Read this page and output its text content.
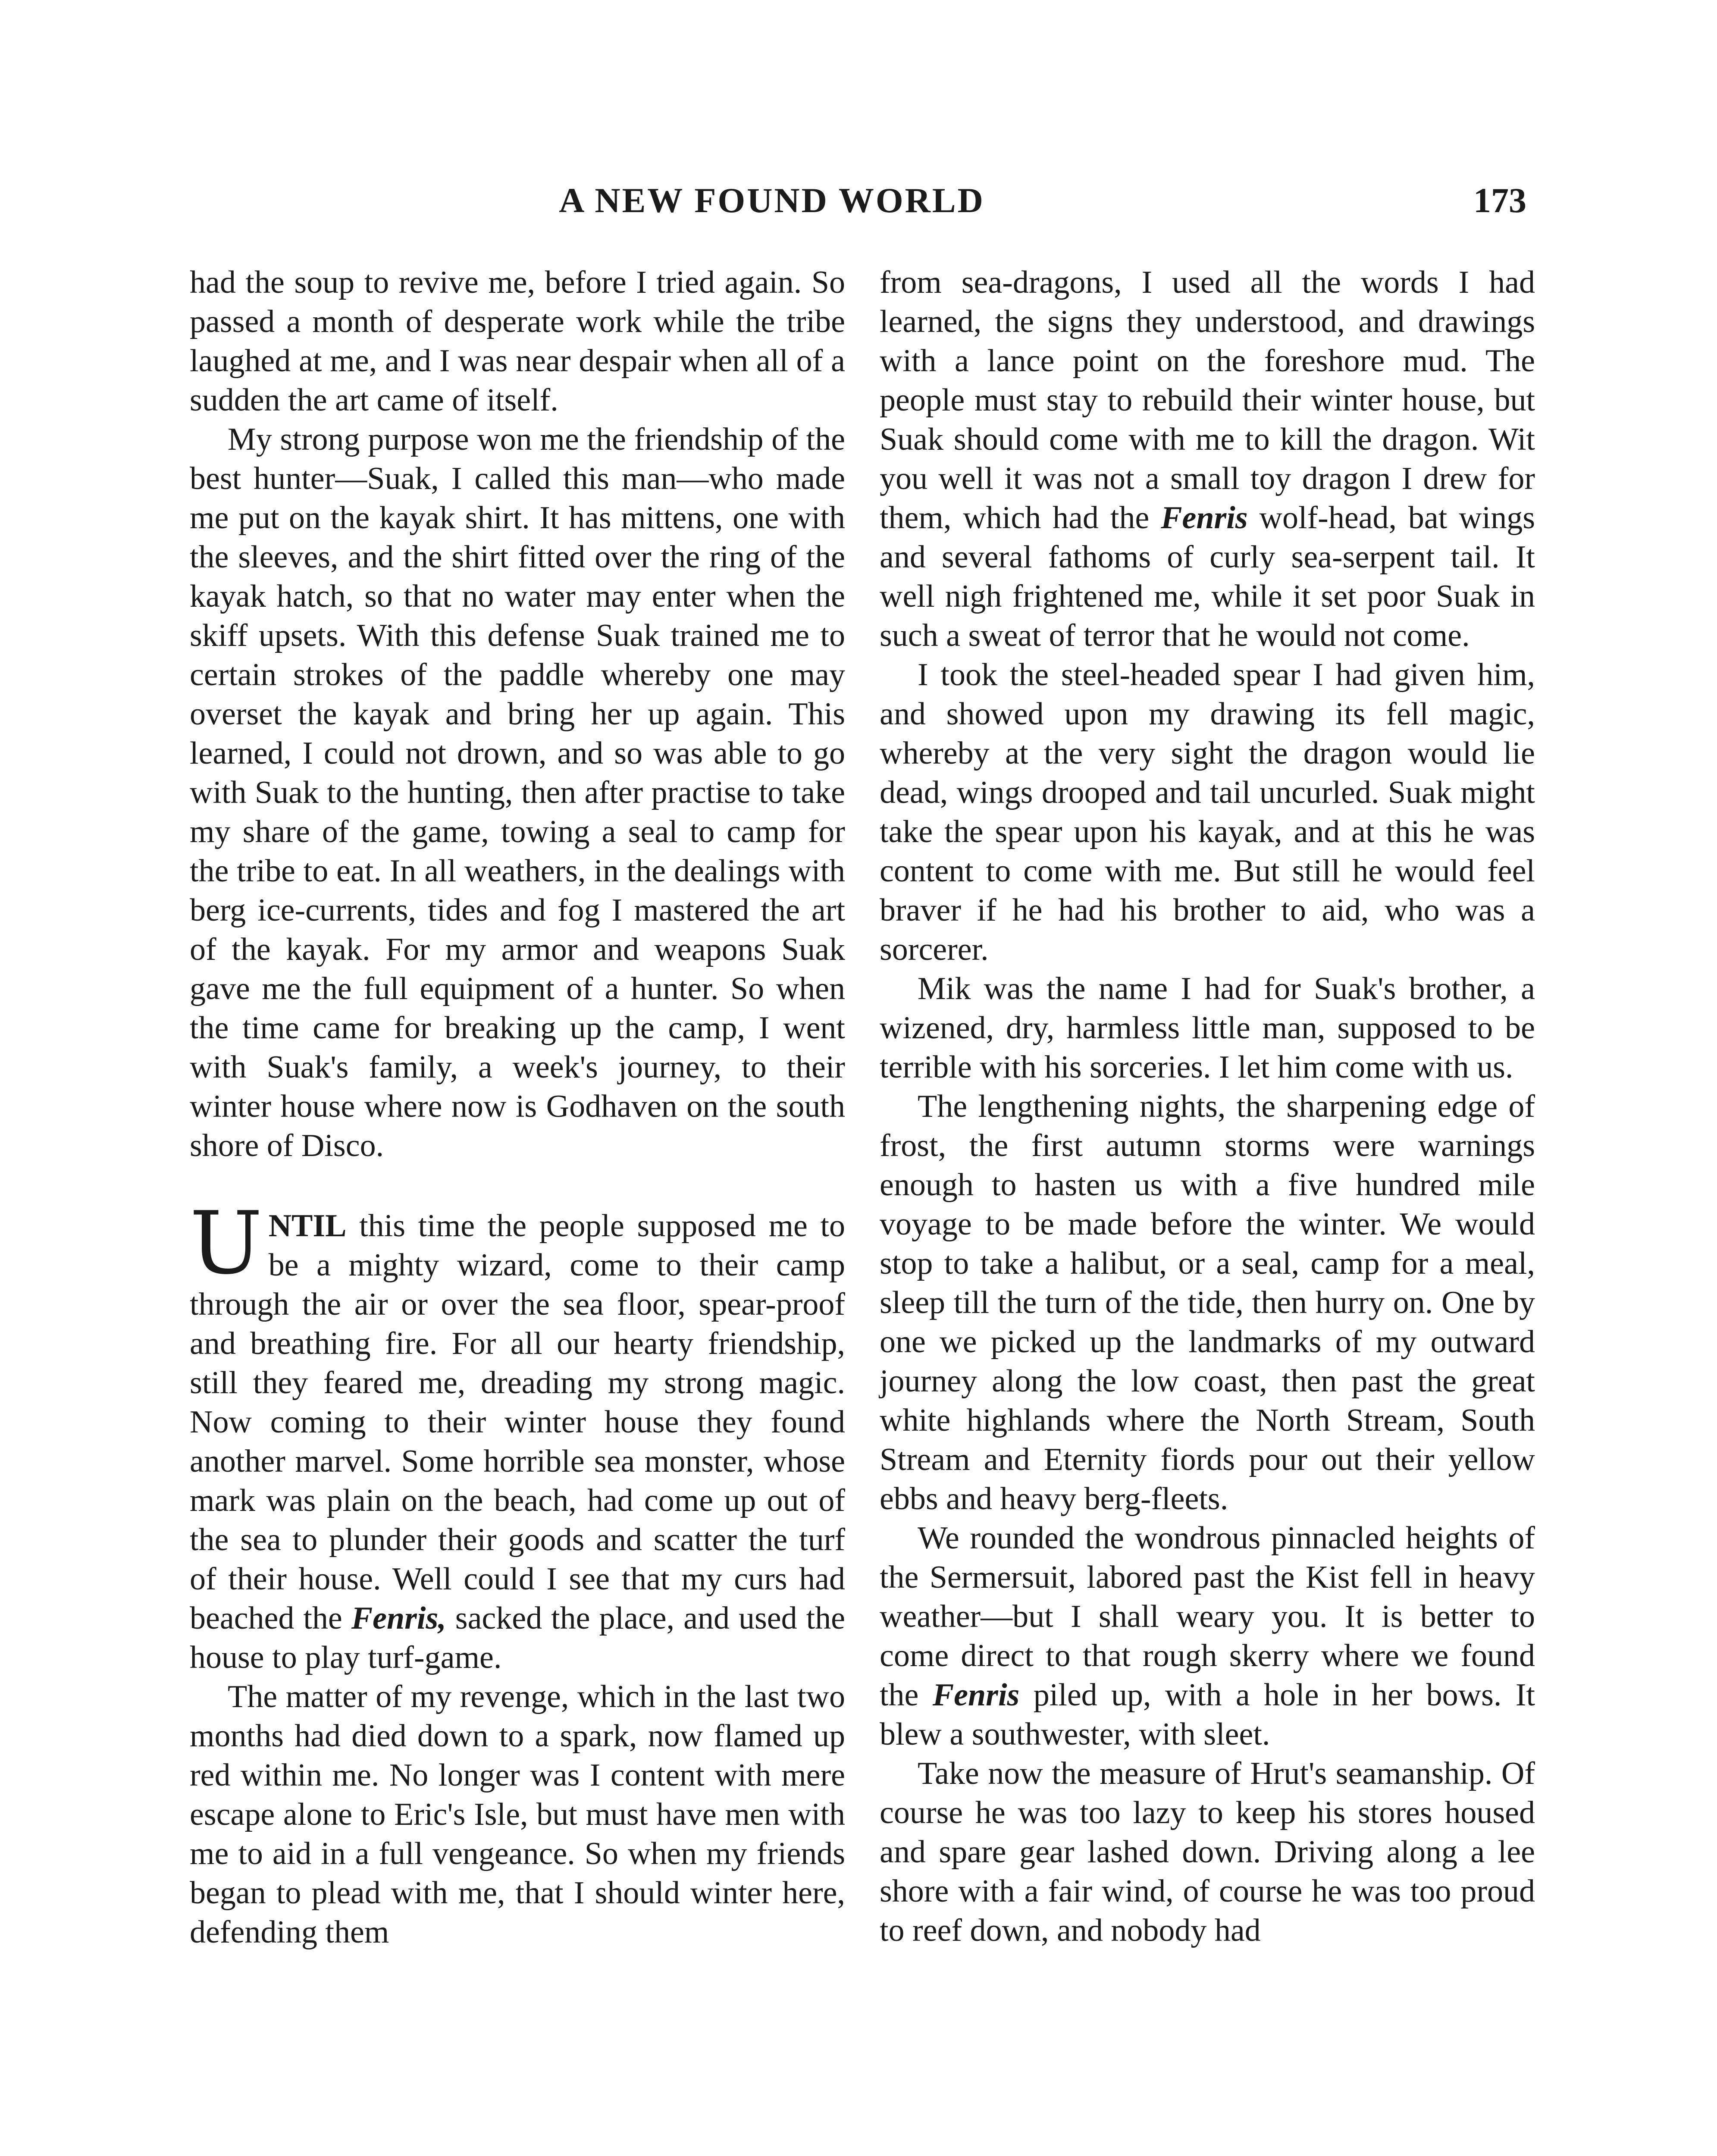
A NEW FOUND WORLD	173

had the soup to revive me, before I tried again. So passed a month of desperate work while the tribe laughed at me, and I was near despair when all of a sudden the art came of itself.

My strong purpose won me the friendship of the best hunter—Suak, I called this man—who made me put on the kayak shirt. It has mittens, one with the sleeves, and the shirt fitted over the ring of the kayak hatch, so that no water may enter when the skiff upsets. With this defense Suak trained me to certain strokes of the paddle whereby one may overset the kayak and bring her up again. This learned, I could not drown, and so was able to go with Suak to the hunting, then after practise to take my share of the game, towing a seal to camp for the tribe to eat. In all weathers, in the dealings with berg ice-currents, tides and fog I mastered the art of the kayak. For my armor and weapons Suak gave me the full equipment of a hunter. So when the time came for breaking up the camp, I went with Suak's family, a week's journey, to their winter house where now is Godhaven on the south shore of Disco.

UNTIL this time the people supposed me to be a mighty wizard, come to their camp through the air or over the sea floor, spear-proof and breathing fire. For all our hearty friendship, still they feared me, dreading my strong magic. Now coming to their winter house they found another marvel. Some horrible sea monster, whose mark was plain on the beach, had come up out of the sea to plunder their goods and scatter the turf of their house. Well could I see that my curs had beached the Fenris, sacked the place, and used the house to play turf-game.

The matter of my revenge, which in the last two months had died down to a spark, now flamed up red within me. No longer was I content with mere escape alone to Eric's Isle, but must have men with me to aid in a full vengeance. So when my friends began to plead with me, that I should winter here, defending them

from sea-dragons, I used all the words I had learned, the signs they understood, and drawings with a lance point on the foreshore mud. The people must stay to rebuild their winter house, but Suak should come with me to kill the dragon. Wit you well it was not a small toy dragon I drew for them, which had the Fenris wolf-head, bat wings and several fathoms of curly sea-serpent tail. It well nigh frightened me, while it set poor Suak in such a sweat of terror that he would not come.

I took the steel-headed spear I had given him, and showed upon my drawing its fell magic, whereby at the very sight the dragon would lie dead, wings drooped and tail uncurled. Suak might take the spear upon his kayak, and at this he was content to come with me. But still he would feel braver if he had his brother to aid, who was a sorcerer.

Mik was the name I had for Suak's brother, a wizened, dry, harmless little man, supposed to be terrible with his sorceries. I let him come with us.

The lengthening nights, the sharpening edge of frost, the first autumn storms were warnings enough to hasten us with a five hundred mile voyage to be made before the winter. We would stop to take a halibut, or a seal, camp for a meal, sleep till the turn of the tide, then hurry on. One by one we picked up the landmarks of my outward journey along the low coast, then past the great white highlands where the North Stream, South Stream and Eternity fiords pour out their yellow ebbs and heavy berg-fleets.

We rounded the wondrous pinnacled heights of the Sermersuit, labored past the Kist fell in heavy weather—but I shall weary you. It is better to come direct to that rough skerry where we found the Fenris piled up, with a hole in her bows. It blew a southwester, with sleet.

Take now the measure of Hrut's seamanship. Of course he was too lazy to keep his stores housed and spare gear lashed down. Driving along a lee shore with a fair wind, of course he was too proud to reef down, and nobody had
